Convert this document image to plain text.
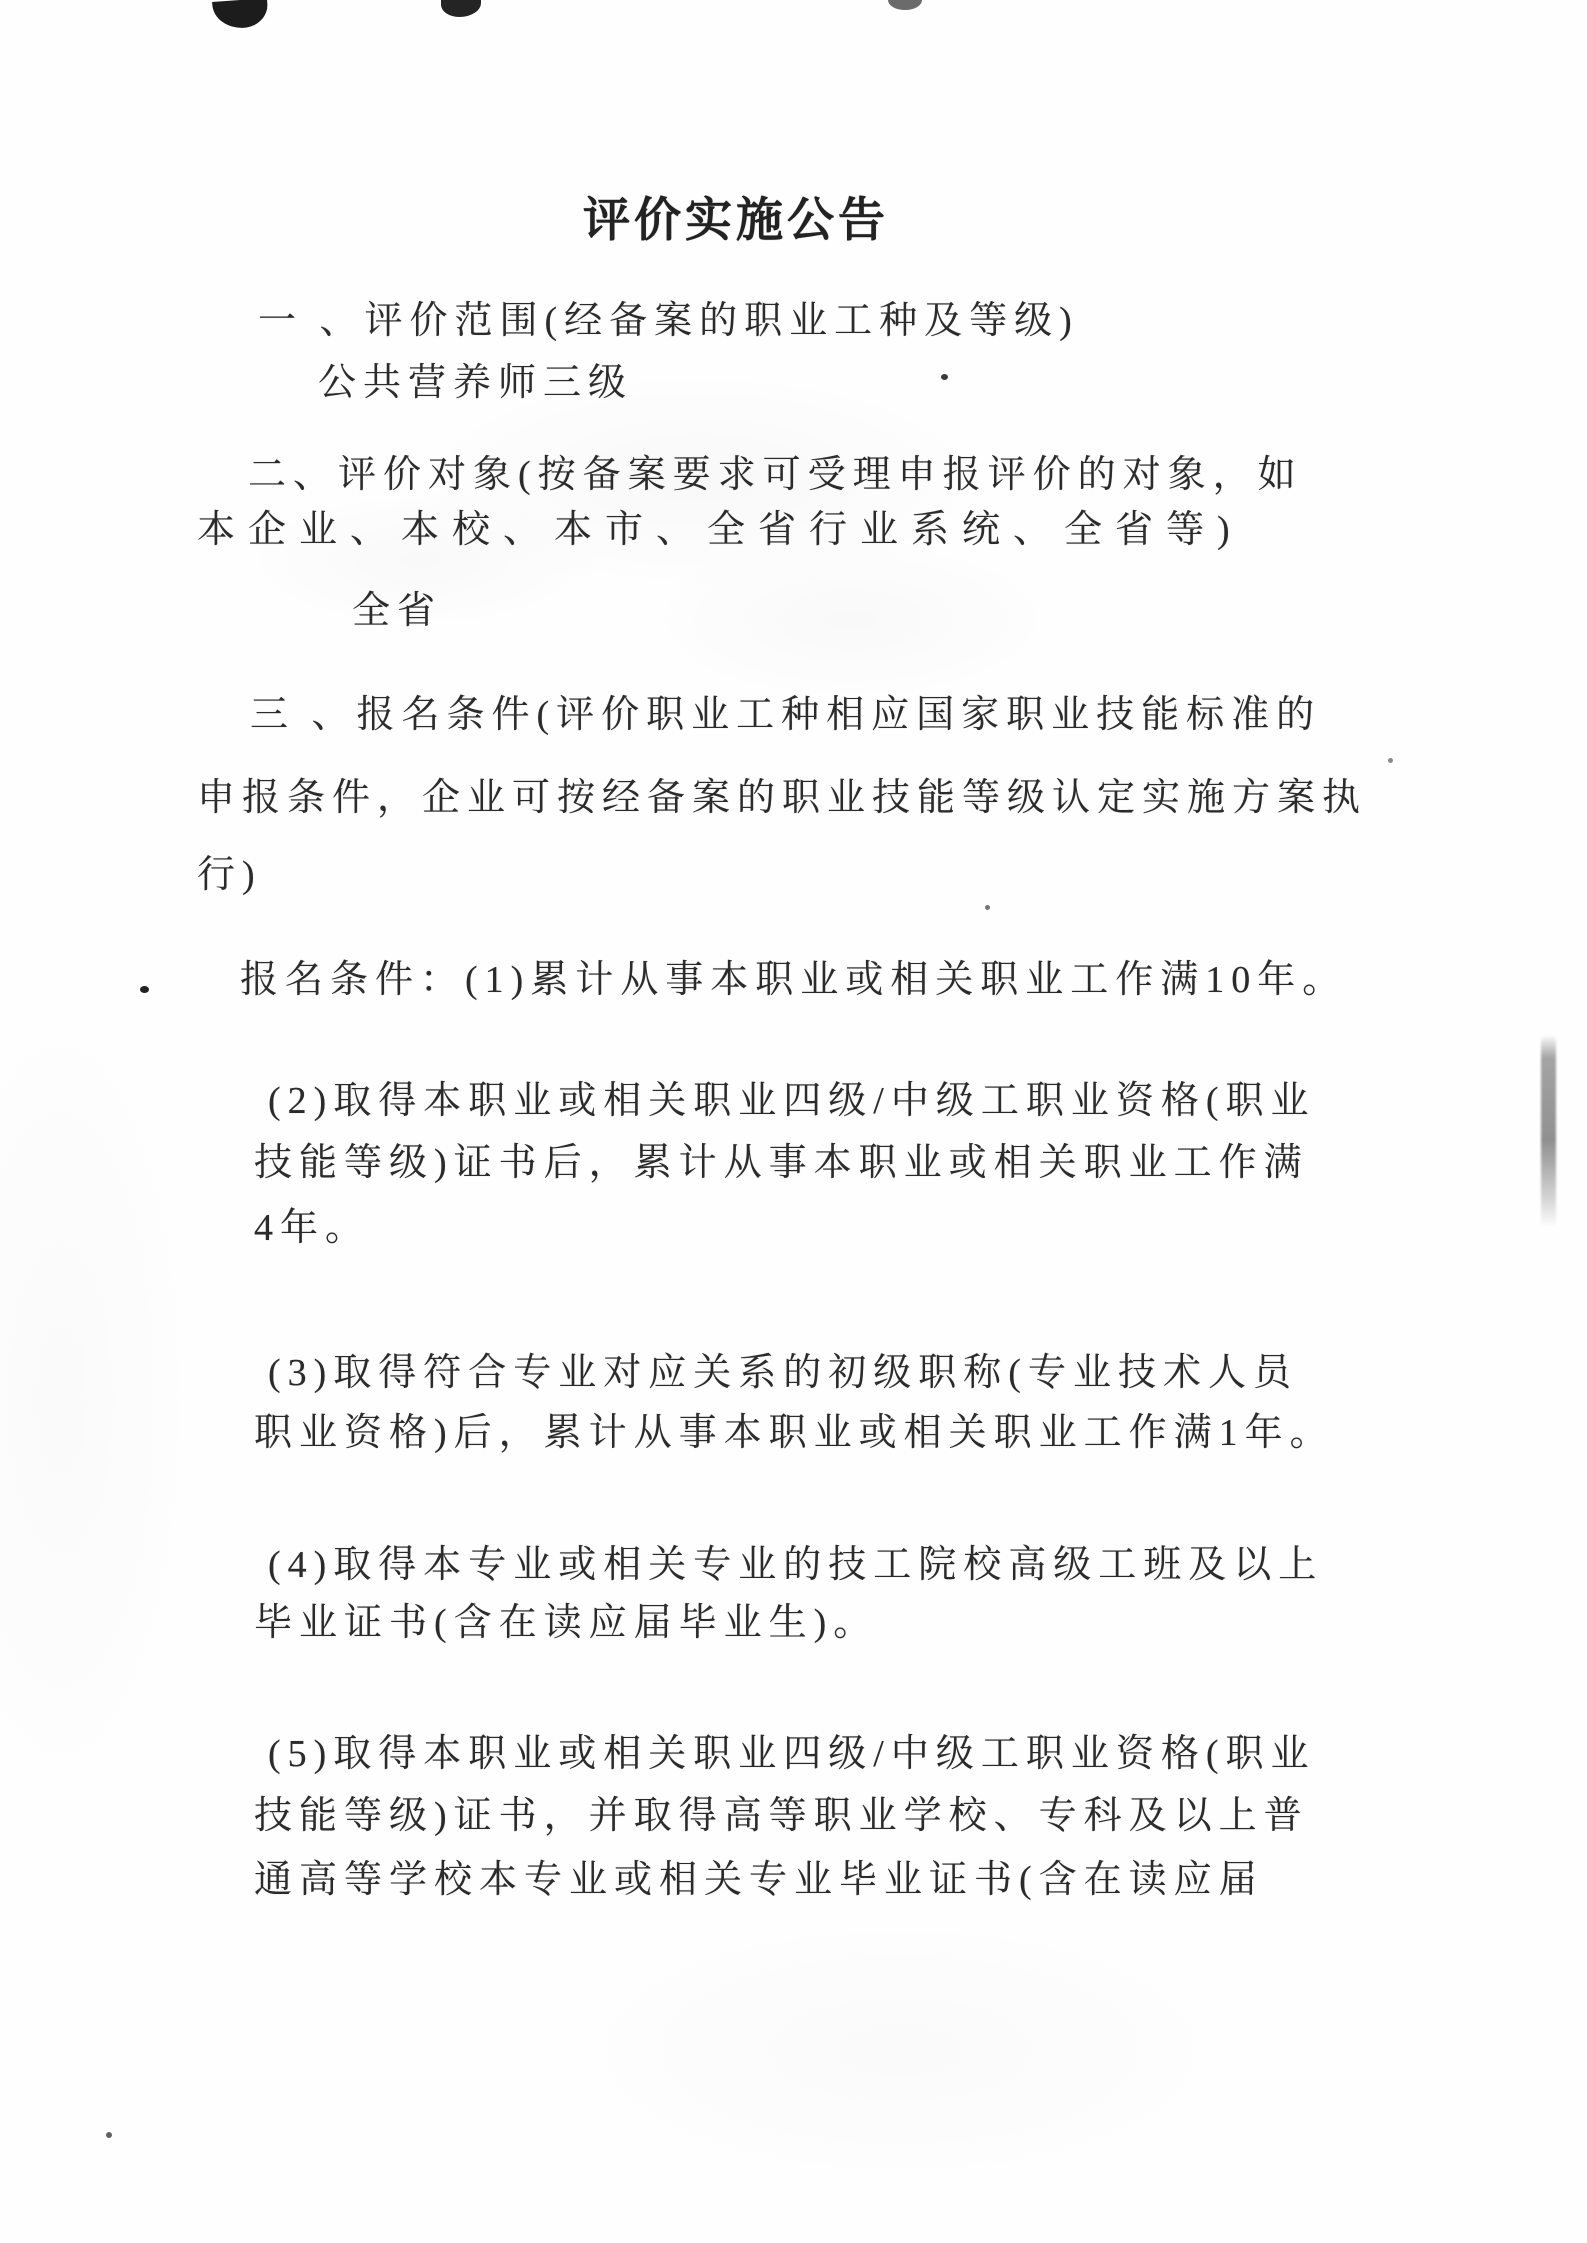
评价实施公告
一 、评价范围(经备案的职业工种及等级)
公共营养师三级
二、评价对象(按备案要求可受理申报评价的对象，如
本企业、本校、本市、全省行业系统、全省等)
全省
三 、报名条件(评价职业工种相应国家职业技能标准的
申报条件，企业可按经备案的职业技能等级认定实施方案执
行)
报名条件：(1)累计从事本职业或相关职业工作满10年。
(2)取得本职业或相关职业四级/中级工职业资格(职业
技能等级)证书后，累计从事本职业或相关职业工作满
4年。
(3)取得符合专业对应关系的初级职称(专业技术人员
职业资格)后，累计从事本职业或相关职业工作满1年。
(4)取得本专业或相关专业的技工院校高级工班及以上
毕业证书(含在读应届毕业生)。
(5)取得本职业或相关职业四级/中级工职业资格(职业
技能等级)证书，并取得高等职业学校、专科及以上普
通高等学校本专业或相关专业毕业证书(含在读应届
